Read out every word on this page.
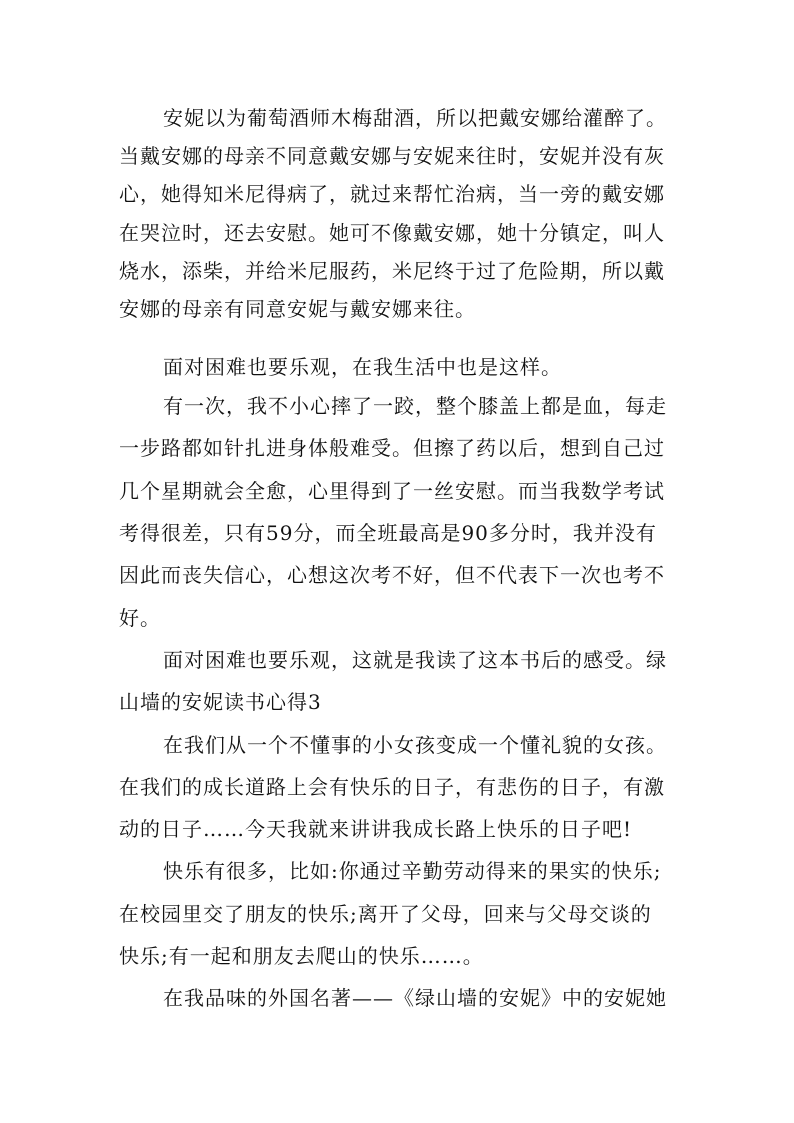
安妮以为葡萄酒师木梅甜酒，所以把戴安娜给灌醉了。
当戴安娜的母亲不同意戴安娜与安妮来往时，安妮并没有灰
心，她得知米尼得病了，就过来帮忙治病，当一旁的戴安娜
在哭泣时，还去安慰。她可不像戴安娜，她十分镇定，叫人
烧水，添柴，并给米尼服药，米尼终于过了危险期，所以戴
安娜的母亲有同意安妮与戴安娜来往。
面对困难也要乐观，在我生活中也是这样。
有一次，我不小心摔了一跤，整个膝盖上都是血，每走
一步路都如针扎进身体般难受。但擦了药以后，想到自己过
几个星期就会全愈，心里得到了一丝安慰。而当我数学考试
考得很差，只有59分，而全班最高是90多分时，我并没有
因此而丧失信心，心想这次考不好，但不代表下一次也考不
好。
面对困难也要乐观，这就是我读了这本书后的感受。绿
山墙的安妮读书心得3
在我们从一个不懂事的小女孩变成一个懂礼貌的女孩。
在我们的成长道路上会有快乐的日子，有悲伤的日子，有激
动的日子……今天我就来讲讲我成长路上快乐的日子吧!
快乐有很多，比如:你通过辛勤劳动得来的果实的快乐;
在校园里交了朋友的快乐;离开了父母，回来与父母交谈的
快乐;有一起和朋友去爬山的快乐……。
在我品味的外国名著——《绿山墙的安妮》中的安妮她
